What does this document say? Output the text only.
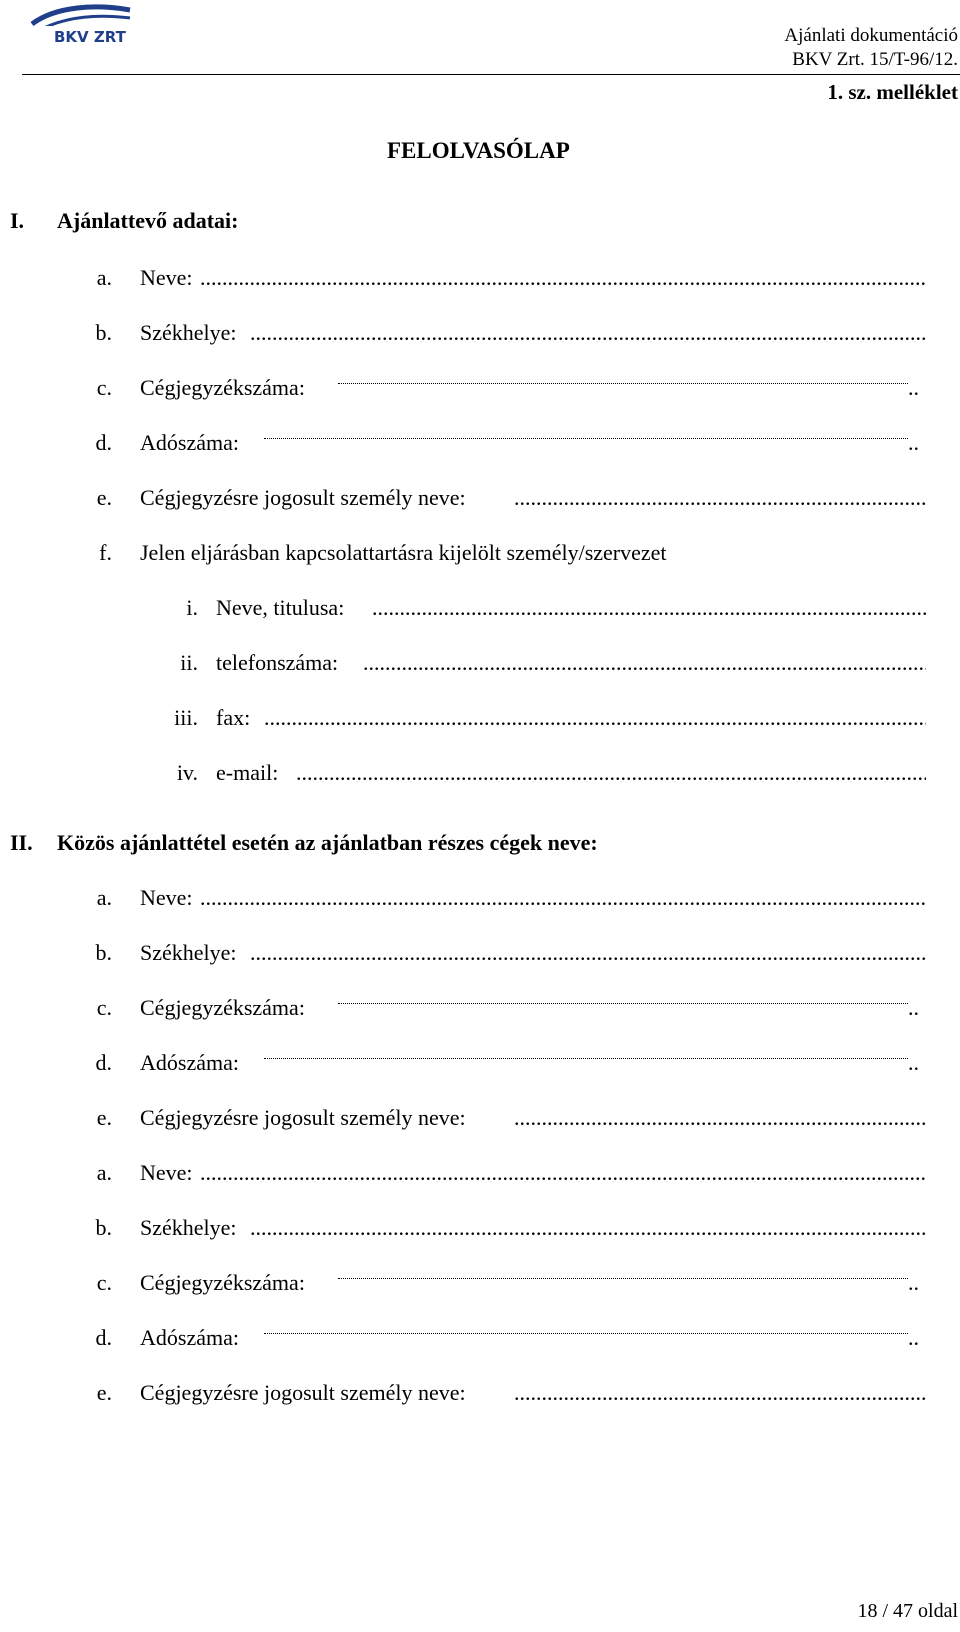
BKV ZRT	Ajánlati dokumentáció
BKV Zrt. 15/T-96/12.
1. sz. melléklet
FELOLVASÓLAP
I. Ajánlattevő adatai:
a. Neve:
.....
b. Székhelye:
.....
c. Cégjegyzékszáma:	..
d. Adószáma:	..
e. Cégjegyzésre jogosult személy neve:
.....
f. Jelen eljárásban kapcsolattartásra kijelölt személy/szervezet
i. Neve, titulusa:
.....
ii. telefonszáma:
.....
iii. fax:
.....
iv. e-mail:
.....
II. Közös ajánlattétel esetén az ajánlatban részes cégek neve:
a. Neve:
.....
b. Székhelye:
.....
c. Cégjegyzékszáma:	..
d. Adószáma:	..
e. Cégjegyzésre jogosult személy neve:
.....
a. Neve:
.....
b. Székhelye:
.....
c. Cégjegyzékszáma:	..
d. Adószáma:	..
e. Cégjegyzésre jogosult személy neve:
.....
18 / 47 oldal
